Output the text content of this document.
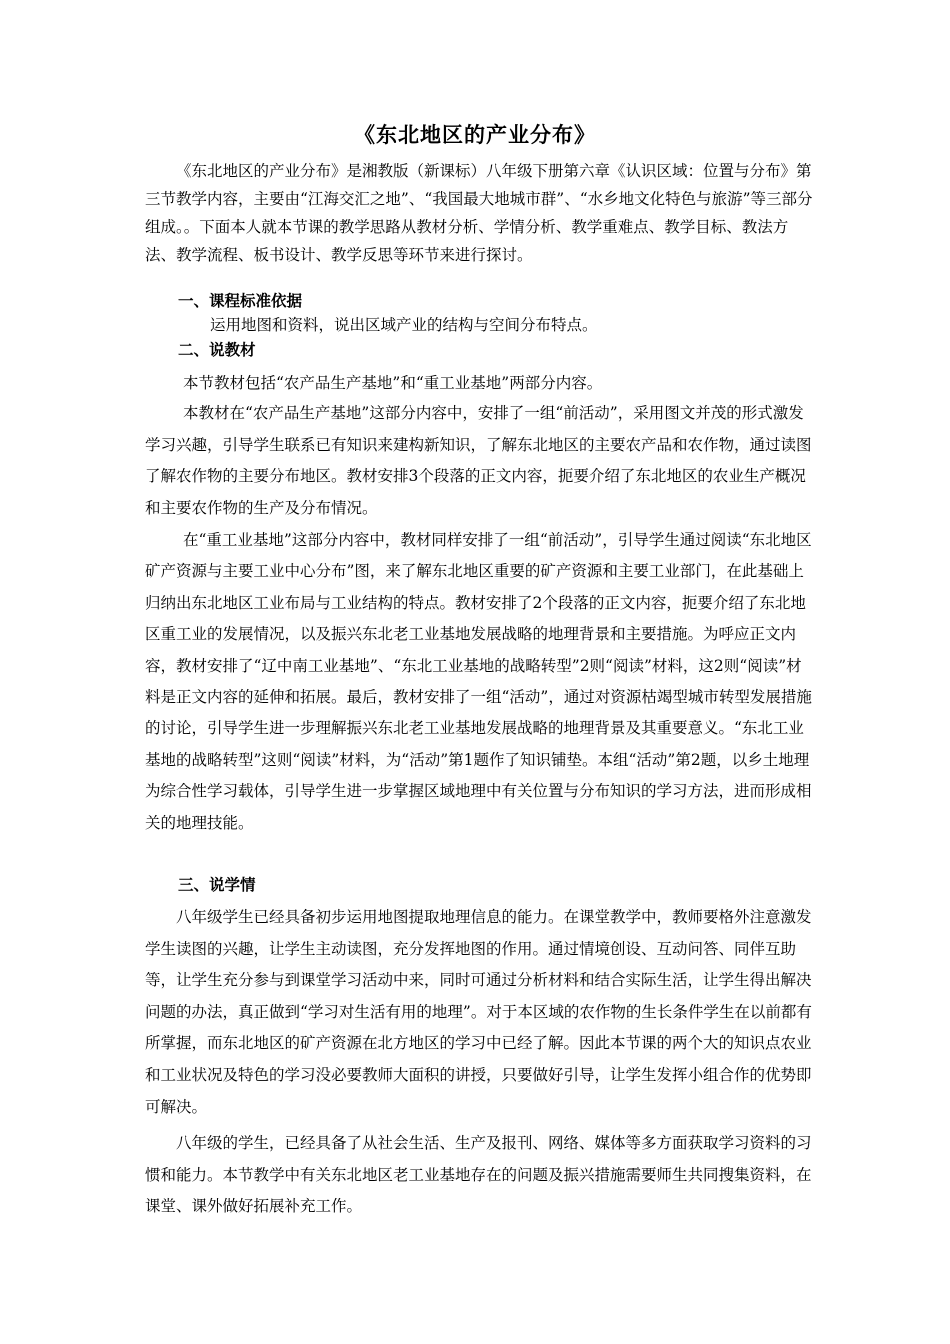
《东北地区的产业分布》
《东北地区的产业分布》是湘教版（新课标）八年级下册第六章《认识区域：位置与分布》第三节教学内容，主要由“江海交汇之地”、“我国最大地城市群”、“水乡地文化特色与旅游”等三部分组成。。下面本人就本节课的教学思路从教材分析、学情分析、教学重难点、教学目标、教法方法、教学流程、板书设计、教学反思等环节来进行探讨。
一、课程标准依据
运用地图和资料，说出区域产业的结构与空间分布特点。
二、说教材
本节教材包括“农产品生产基地”和“重工业基地”两部分内容。
本教材在“农产品生产基地”这部分内容中，安排了一组“前活动”，采用图文并茂的形式激发学习兴趣，引导学生联系已有知识来建构新知识，了解东北地区的主要农产品和农作物，通过读图了解农作物的主要分布地区。教材安排3个段落的正文内容，扼要介绍了东北地区的农业生产概况和主要农作物的生产及分布情况。
在“重工业基地”这部分内容中，教材同样安排了一组“前活动”，引导学生通过阅读“东北地区矿产资源与主要工业中心分布”图，来了解东北地区重要的矿产资源和主要工业部门，在此基础上归纳出东北地区工业布局与工业结构的特点。教材安排了2个段落的正文内容，扼要介绍了东北地区重工业的发展情况，以及振兴东北老工业基地发展战略的地理背景和主要措施。为呼应正文内容，教材安排了“辽中南工业基地”、“东北工业基地的战略转型”2则“阅读”材料，这2则“阅读”材料是正文内容的延伸和拓展。最后，教材安排了一组“活动”，通过对资源枯竭型城市转型发展措施的讨论，引导学生进一步理解振兴东北老工业基地发展战略的地理背景及其重要意义。“东北工业基地的战略转型”这则“阅读”材料，为“活动”第1题作了知识铺垫。本组“活动”第2题，以乡土地理为综合性学习载体，引导学生进一步掌握区域地理中有关位置与分布知识的学习方法，进而形成相关的地理技能。
三、说学情
八年级学生已经具备初步运用地图提取地理信息的能力。在课堂教学中，教师要格外注意激发学生读图的兴趣，让学生主动读图，充分发挥地图的作用。通过情境创设、互动问答、同伴互助等，让学生充分参与到课堂学习活动中来，同时可通过分析材料和结合实际生活，让学生得出解决问题的办法，真正做到“学习对生活有用的地理”。对于本区域的农作物的生长条件学生在以前都有所掌握，而东北地区的矿产资源在北方地区的学习中已经了解。因此本节课的两个大的知识点农业和工业状况及特色的学习没必要教师大面积的讲授，只要做好引导，让学生发挥小组合作的优势即可解决。
八年级的学生，已经具备了从社会生活、生产及报刊、网络、媒体等多方面获取学习资料的习惯和能力。本节教学中有关东北地区老工业基地存在的问题及振兴措施需要师生共同搜集资料，在课堂、课外做好拓展补充工作。
